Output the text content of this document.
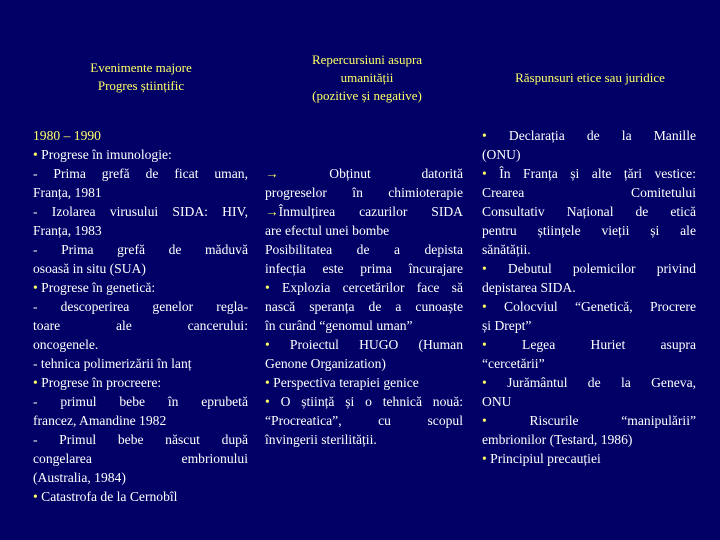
Evenimente majore
Progres științific
Repercursiuni asupra
umanității
(pozitive și negative)
Răspunsuri etice sau juridice
1980 – 1990
• Progrese în imunologie:
- Prima grefă de ficat uman,
Franța, 1981
- Izolarea virusului SIDA: HIV,
Franța, 1983
- Prima grefă de măduvă
osoasă in situ (SUA)
• Progrese în genetică:
- descoperirea genelor regla-
toare ale cancerului:
oncogenele.
- tehnica polimerizării în lanț
• Progrese în procreere:
- primul bebe în eprubetă
francez, Amandine 1982
- Primul bebe născut după
congelarea embrionului
(Australia, 1984)
• Catastrofa de la Cernobîl
→ Obținut datorită
progreselor în chimioterapie
→Înmulțirea cazurilor SIDA
are efectul unei bombe
Posibilitatea de a depista
infecția este prima încurajare
• Explozia cercetărilor face să
nască speranța de a cunoaște
în curând “genomul uman”
• Proiectul HUGO (Human
Genone Organization)
• Perspectiva terapiei genice
• O știință și o tehnică nouă:
“Procreatica”, cu scopul
învingerii sterilității.
• Declarația de la Manille
(ONU)
• În Franța și alte țări vestice:
Crearea Comitetului
Consultativ Național de etică
pentru științele vieții și ale
sănătății.
• Debutul polemicilor privind
depistarea SIDA.
• Colocviul “Genetică, Procrere
și Drept”
• Legea Huriet asupra
“cercetării”
• Jurământul de la Geneva,
ONU
• Riscurile “manipulării”
embrionilor (Testard, 1986)
• Principiul precauției
